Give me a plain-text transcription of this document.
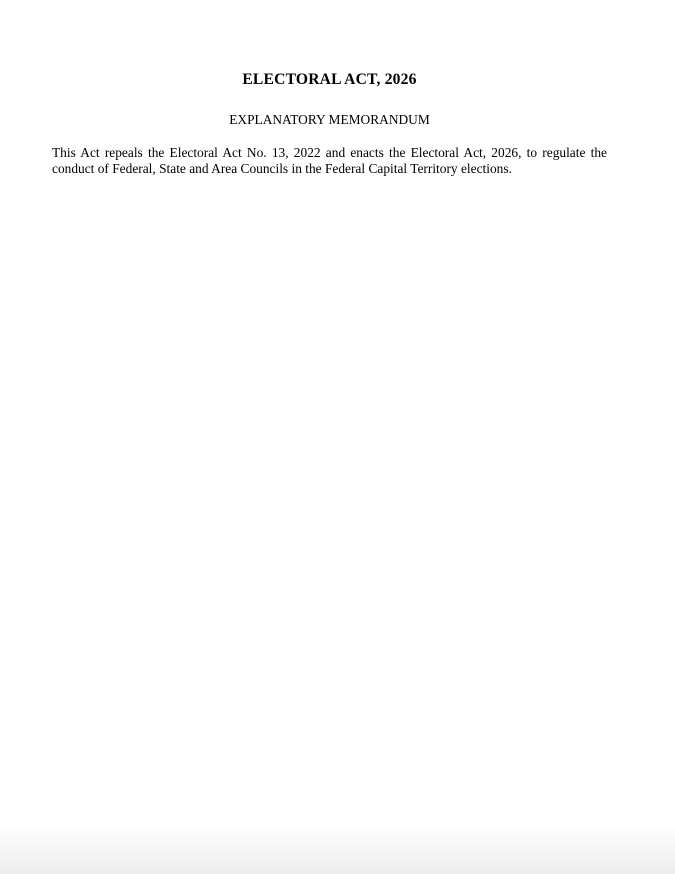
ELECTORAL ACT, 2026
EXPLANATORY MEMORANDUM

This Act repeals the Electoral Act No. 13, 2022 and enacts the Electoral Act, 2026, to regulate the conduct of Federal, State and Area Councils in the Federal Capital Territory elections.
